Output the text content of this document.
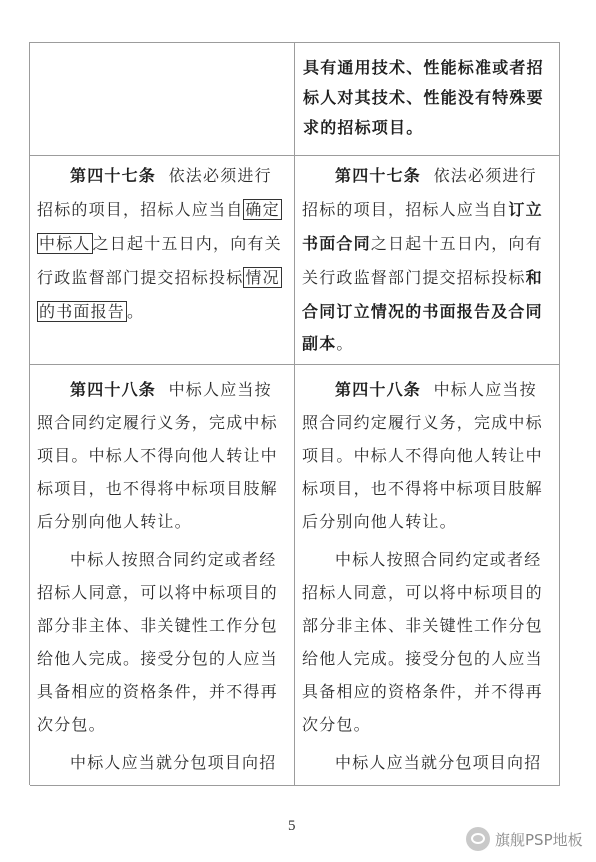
具有通用技术、性能标准或者招
标人对其技术、性能没有特殊要
求的招标项目。
第四十七条 依法必须进行
招标的项目，招标人应当自 确定
中标人 之日起十五日内，向有关
行政监督部门提交招标投标 情况
的书面报告 。
第四十七条 依法必须进行
招标的项目，招标人应当自订立
书面合同之日起十五日内，向有
关行政监督部门提交招标投标和
合同订立情况的书面报告及合同
副本。
第四十八条 中标人应当按
照合同约定履行义务，完成中标
项目。中标人不得向他人转让中
标项目，也不得将中标项目肢解
后分别向他人转让。
中标人按照合同约定或者经
招标人同意，可以将中标项目的
部分非主体、非关键性工作分包
给他人完成。接受分包的人应当
具备相应的资格条件，并不得再
次分包。
中标人应当就分包项目向招
第四十八条 中标人应当按
照合同约定履行义务，完成中标
项目。中标人不得向他人转让中
标项目，也不得将中标项目肢解
后分别向他人转让。
中标人按照合同约定或者经
招标人同意，可以将中标项目的
部分非主体、非关键性工作分包
给他人完成。接受分包的人应当
具备相应的资格条件，并不得再
次分包。
中标人应当就分包项目向招
5
旗舰PSP地板
